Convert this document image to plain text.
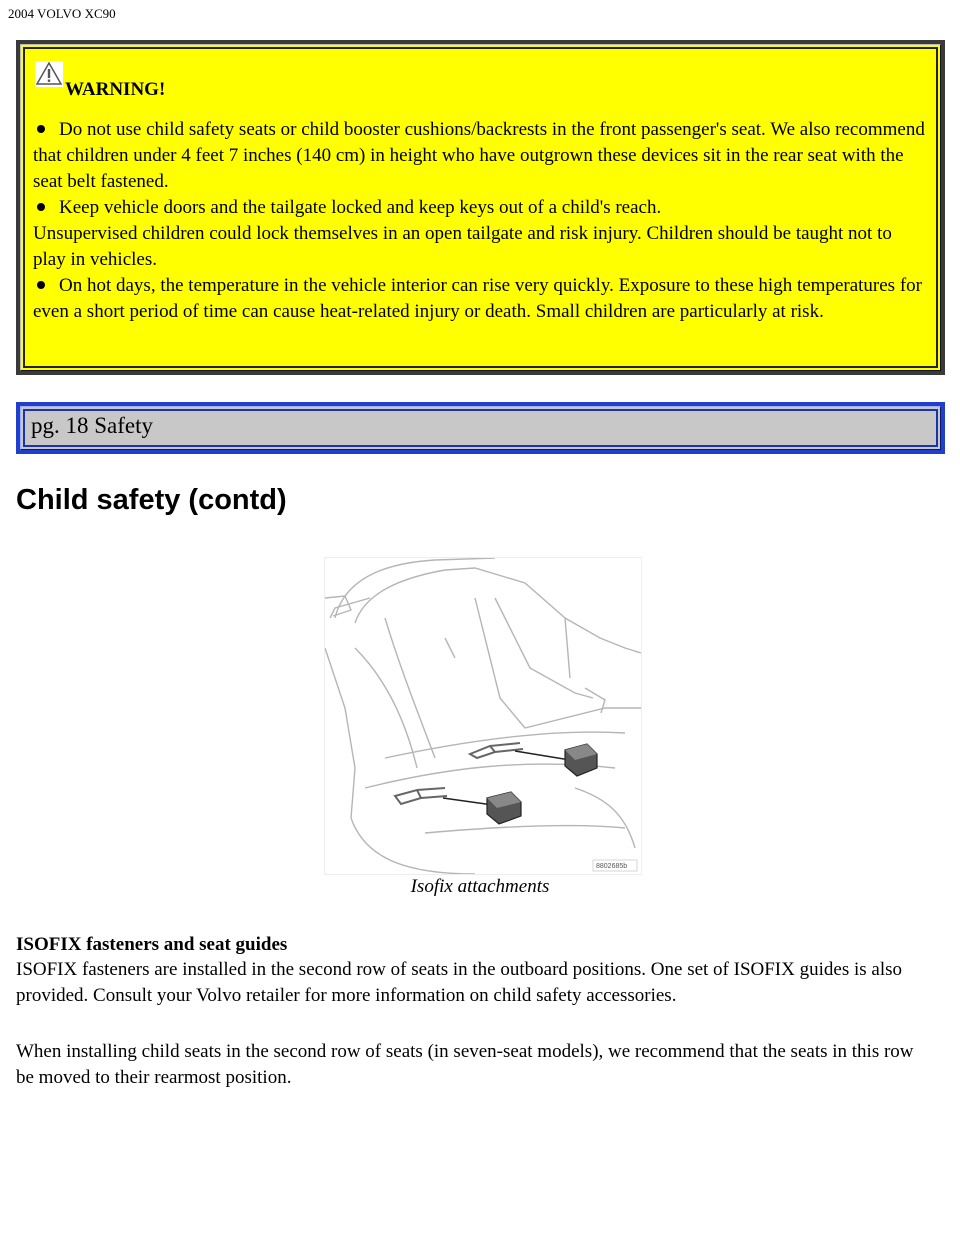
2004 VOLVO XC90
WARNING!

Do not use child safety seats or child booster cushions/backrests in the front passenger's seat. We also recommend that children under 4 feet 7 inches (140 cm) in height who have outgrown these devices sit in the rear seat with the seat belt fastened.

Keep vehicle doors and the tailgate locked and keep keys out of a child's reach.

Unsupervised children could lock themselves in an open tailgate and risk injury. Children should be taught not to play in vehicles.

On hot days, the temperature in the vehicle interior can rise very quickly. Exposure to these high temperatures for even a short period of time can cause heat-related injury or death. Small children are particularly at risk.

pg. 18 Safety
Child safety (contd)
8802685b
Isofix attachments
ISOFIX fasteners and seat guides

ISOFIX fasteners are installed in the second row of seats in the outboard positions. One set of ISOFIX guides is also provided. Consult your Volvo retailer for more information on child safety accessories.

When installing child seats in the second row of seats (in seven-seat models), we recommend that the seats in this row be moved to their rearmost position.
